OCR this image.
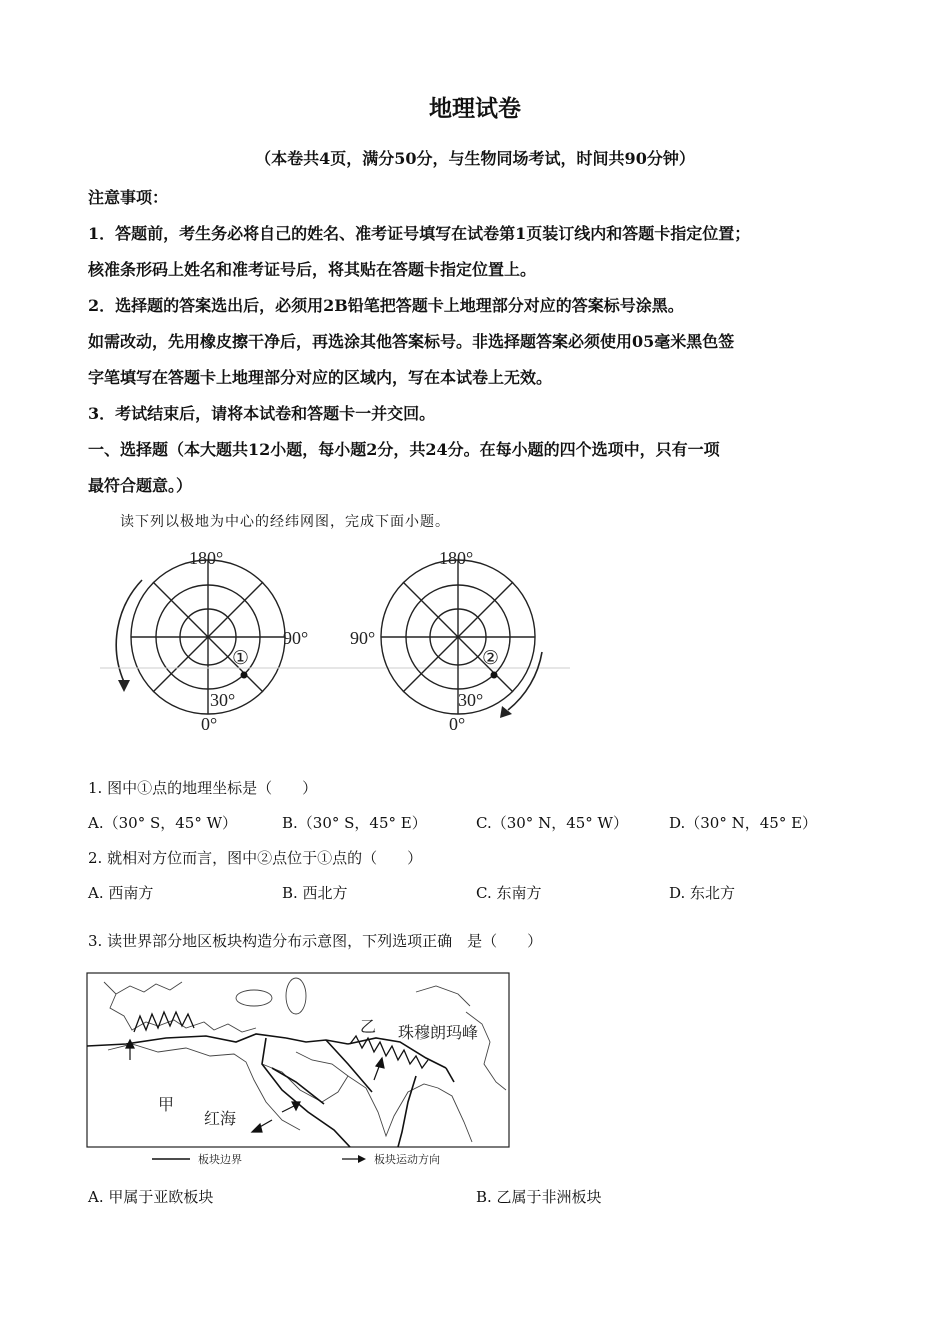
地理试卷
（本卷共4页，满分50分，与生物同场考试，时间共90分钟）
注意事项：
1．答题前，考生务必将自己的姓名、准考证号填写在试卷第1页装订线内和答题卡指定位置；
核准条形码上姓名和准考证号后，将其贴在答题卡指定位置上。
2．选择题的答案选出后，必须用2B铅笔把答题卡上地理部分对应的答案标号涂黑。
如需改动，先用橡皮擦干净后，再选涂其他答案标号。非选择题答案必须使用05毫米黑色签
字笔填写在答题卡上地理部分对应的区域内，写在本试卷上无效。
3．考试结束后，请将本试卷和答题卡一并交回。
一、选择题（本大题共12小题，每小题2分，共24分。在每小题的四个选项中，只有一项
最符合题意。）
读下列以极地为中心的经纬网图，完成下面小题。
180°
90°
30°
0°
①
180°
90°
30°
0°
②
1. 图中①点的地理坐标是（　　）
A.（30° S，45° W）	B.（30° S，45° E）	C.（30° N，45° W）	D.（30° N，45° E）
2. 就相对方位而言，图中②点位于①点的（　　）
A. 西南方	B. 西北方	C. 东南方	D. 东北方
3. 读世界部分地区板块构造分布示意图，下列选项正确　是（　　）
甲
乙
红海
珠穆朗玛峰
板块边界	板块运动方向
A. 甲属于亚欧板块	B. 乙属于非洲板块
